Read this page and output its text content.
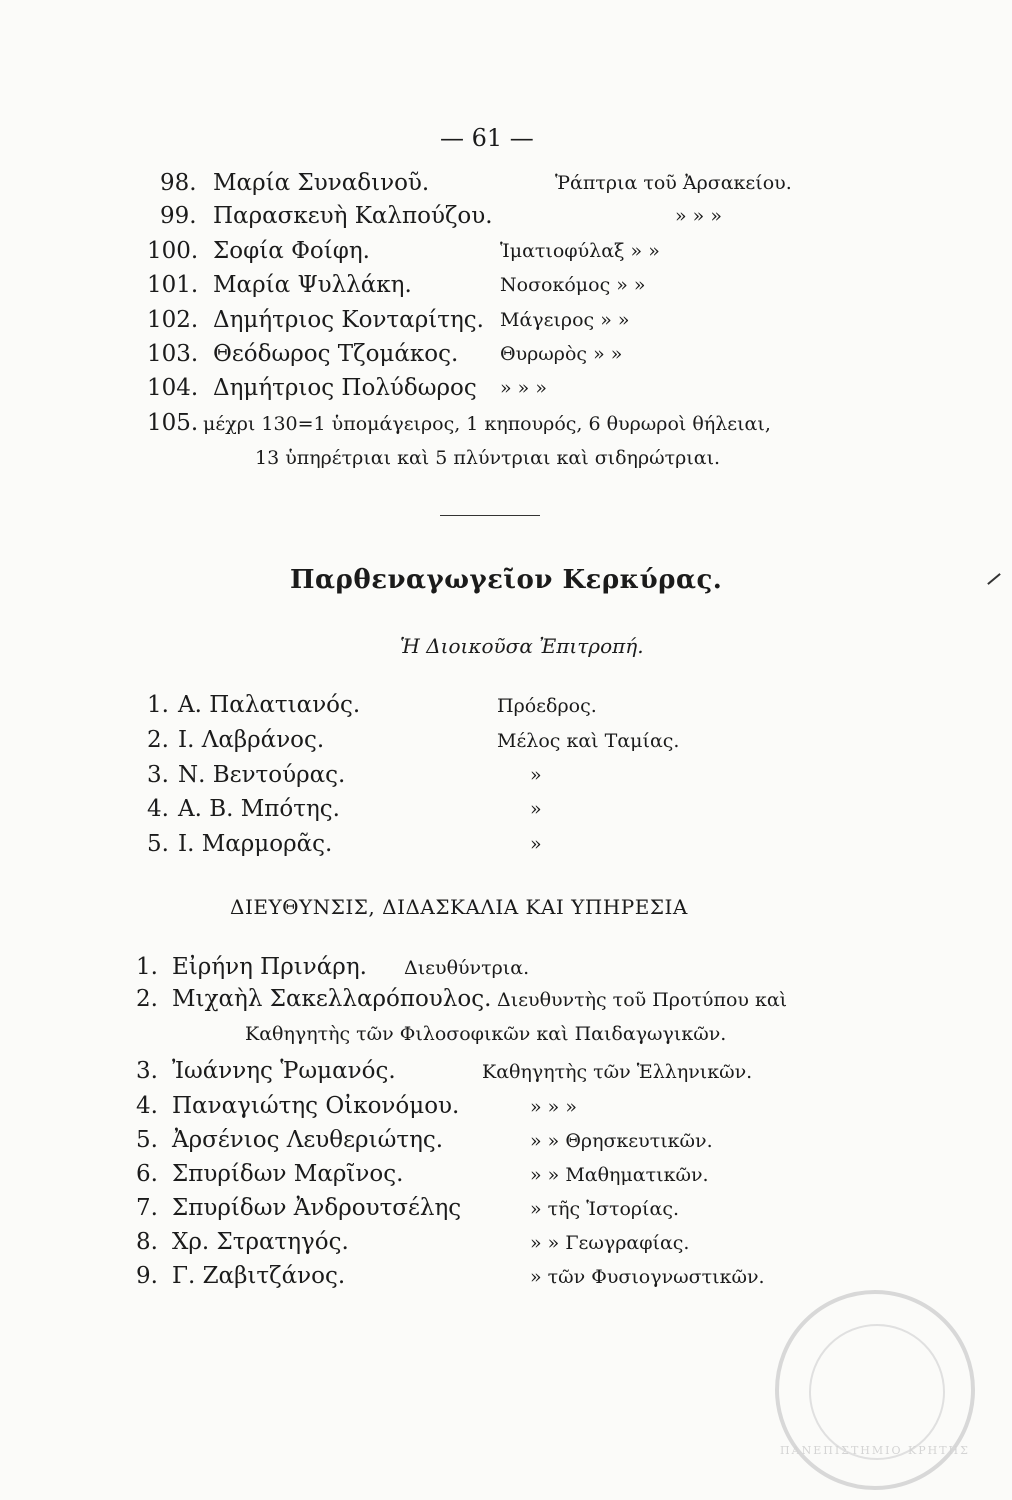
— 61 —
98. Μαρία Συναδινοῦ.	Ῥάπτρια τοῦ Ἀρσακείου.
99. Παρασκευὴ Καλπούζου.	» » »
100. Σοφία Φοίφη.	Ἱματιοφύλαξ » »
101. Μαρία Ψυλλάκη.	Νοσοκόμος » »
102. Δημήτριος Κονταρίτης. Μάγειρος » »
103. Θεόδωρος Τζομάκος. Θυρωρὸς » »
104. Δημήτριος Πολύδωρος » » »
105. μέχρι 130=1 ὑπομάγειρος, 1 κηπουρός, 6 θυρωροὶ θήλειαι,
13 ὑπηρέτριαι καὶ 5 πλύντριαι καὶ σιδηρώτριαι.
Παρθεναγωγεῖον Κερκύρας.
Ἡ Διοικοῦσα Ἐπιτροπή.
1. Α. Παλατιανός.	Πρόεδρος.
2. Ι. Λαβράνος.	Μέλος καὶ Ταμίας.
3. Ν. Βεντούρας.	»
4. Α. Β. Μπότης.	»
5. Ι. Μαρμορᾶς.	»
ΔΙΕΥΘΥΝΣΙΣ, ΔΙΔΑΣΚΑΛΙΑ ΚΑΙ ΥΠΗΡΕΣΙΑ
1. Εἰρήνη Πρινάρη. Διευθύντρια.
2. Μιχαὴλ Σακελλαρόπουλος. Διευθυντὴς τοῦ Προτύπου καὶ
Καθηγητὴς τῶν Φιλοσοφικῶν καὶ Παιδαγωγικῶν.
3. Ἰωάννης Ῥωμανός.	Καθηγητὴς τῶν Ἑλληνικῶν.
4. Παναγιώτης Οἰκονόμου.	» » »
5. Ἀρσένιος Λευθεριώτης.	» » Θρησκευτικῶν.
6. Σπυρίδων Μαρῖνος.	» » Μαθηματικῶν.
7. Σπυρίδων Ἀνδρουτσέλης	» τῆς Ἱστορίας.
8. Χρ. Στρατηγός.	» » Γεωγραφίας.
9. Γ. Ζαβιτζάνος.	» τῶν Φυσιογνωστικῶν.
ΠΑΝΕΠΙΣΤΗΜΙΟ ΚΡΗΤΗΣ
